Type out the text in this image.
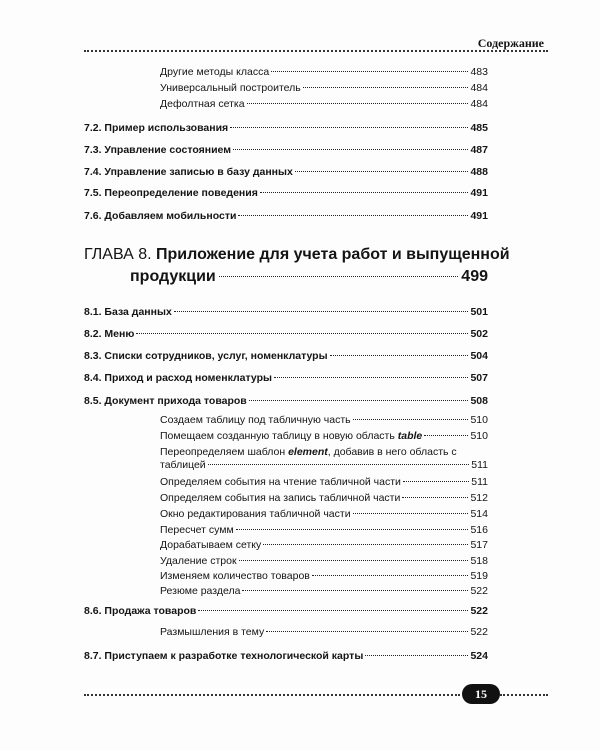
Содержание
Другие методы класса	483
Универсальный построитель	484
Дефолтная сетка	484
7.2. Пример использования	485
7.3. Управление состоянием	487
7.4. Управление записью в базу данных	488
7.5. Переопределение поведения	491
7.6. Добавляем мобильности	491
ГЛАВА 8. Приложение для учета работ и выпущенной
продукции	499
8.1. База данных	501
8.2. Меню	502
8.3. Списки сотрудников, услуг, номенклатуры	504
8.4. Приход и расход номенклатуры	507
8.5. Документ прихода товаров	508
Создаем таблицу под табличную часть	510
Помещаем созданную таблицу в новую область table	510
Переопределяем шаблон element, добавив в него область с
таблицей	511
Определяем события на чтение табличной части	511
Определяем события на запись табличной части	512
Окно редактирования табличной части	514
Пересчет сумм	516
Дорабатываем сетку	517
Удаление строк	518
Изменяем количество товаров	519
Резюме раздела	522
8.6. Продажа товаров	522
Размышления в тему	522
8.7. Приступаем к разработке технологической карты	524
15
